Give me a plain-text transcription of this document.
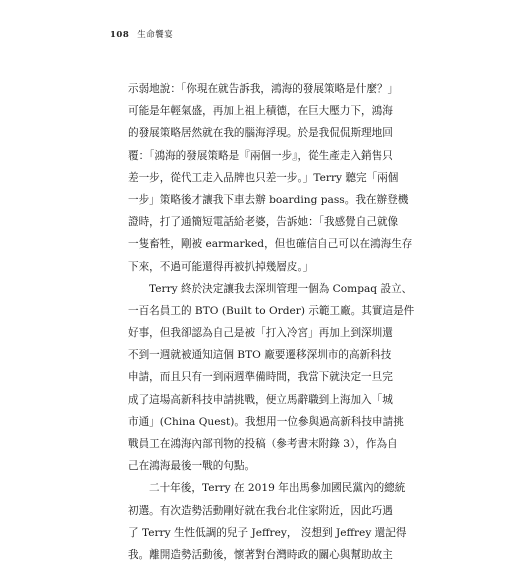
108 生命饗宴
示弱地說：「你現在就告訴我，鴻海的發展策略是什麼？」
可能是年輕氣盛，再加上祖上積德，在巨大壓力下，鴻海
的發展策略居然就在我的腦海浮現。於是我侃侃斯理地回
覆：「鴻海的發展策略是『兩個一步』，從生產走入銷售只
差一步，從代工走入品牌也只差一步。」Terry 聽完「兩個
一步」策略後才讓我下車去辦 boarding pass。我在辦登機
證時，打了通簡短電話給老婆，告訴她：「我感覺自己就像
一隻畜牲，剛被 earmarked，但也確信自己可以在鴻海生存
下來，不過可能還得再被扒掉幾層皮。」
Terry 終於決定讓我去深圳管理一個為 Compaq 設立、
一百名員工的 BTO (Built to Order) 示範工廠。其實這是件
好事，但我卻認為自己是被「打入冷宮」再加上到深圳還
不到一週就被通知這個 BTO 廠要遷移深圳市的高新科技
申請，而且只有一到兩週準備時間，我當下就決定一旦完
成了這場高新科技申請挑戰，便立馬辭職到上海加入「城
市通」(China Quest)。我想用一位參與過高新科技申請挑
戰員工在鴻海內部刊物的投稿（參考書末附錄 3），作為自
己在鴻海最後一戰的句點。
二十年後，Terry 在 2019 年出馬參加國民黨內的總統
初選。有次造勢活動剛好就在我台北住家附近，因此巧遇
了 Terry 生性低調的兒子 Jeffrey， 沒想到 Jeffrey 還記得
我。離開造勢活動後，懷著對台灣時政的關心與幫助故主
